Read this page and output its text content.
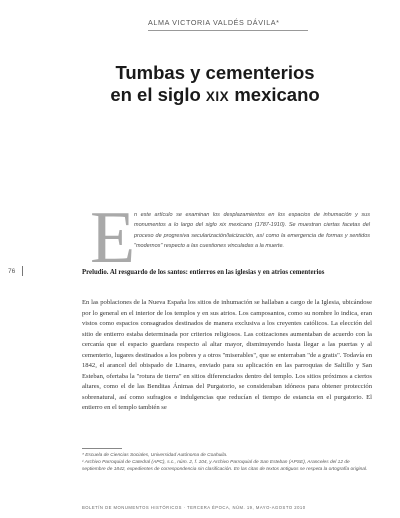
ALMA VICTORIA VALDÉS DÁVILA*
Tumbas y cementerios
en el siglo XIX mexicano
E
n este artículo se examinan los desplazamientos en los espacios de inhumación y sus monumentos a lo largo del siglo xix mexicano (1787-1910). Se muestran ciertas facetas del proceso de progresiva secularización/laicización, así como la emergencia de formas y sentidos "modernos" respecto a las cuestiones vinculadas a la muerte.
76	Preludio. Al resguardo de los santos: entierros en las iglesias y en atrios cementerios

En las poblaciones de la Nueva España los sitios de inhumación se hallaban a cargo de la Iglesia, ubicándose por lo general en el interior de los templos y en sus atrios. Los camposantos, como su nombre lo indica, eran vistos como espacios consagrados destinados de manera exclusiva a los creyentes católicos. La elección del sitio de entierro estaba determinada por criterios religiosos. Las cotizaciones aumentaban de acuerdo con la cercanía que el espacio guardara respecto al altar mayor, disminuyendo hasta llegar a las puertas y al cementerio, lugares destinados a los pobres y a otros "miserables", que se enterraban "de a gratis". Todavía en 1842, el arancel del obispado de Linares, enviado para su aplicación en las parroquias de Saltillo y San Esteban, ofertaba la "rotura de tierra" en sitios diferenciados dentro del templo. Los sitios próximos a ciertos altares, como el de las Benditas Ánimas del Purgatorio, se consideraban idóneos para obtener protección sobrenatural, así como sufragios e indulgencias que reducían el tiempo de estancia en el purgatorio. El entierro en el templo también se

* Escuela de Ciencias Sociales, Universidad Autónoma de Coahuila.

¹ Archivo Parroquial de Catedral (APC), s.c., núm. 2, f. 104, y Archivo Parroquial de San Esteban (APSE), Aranceles del 12 de septiembre de 1842, expedientes de correspondencia sin clasificación. En las citas de textos antiguos se respeta la ortografía original.

BOLETÍN DE MONUMENTOS HISTÓRICOS · TERCERA ÉPOCA, NÚM. 19, MAYO-AGOSTO 2010
